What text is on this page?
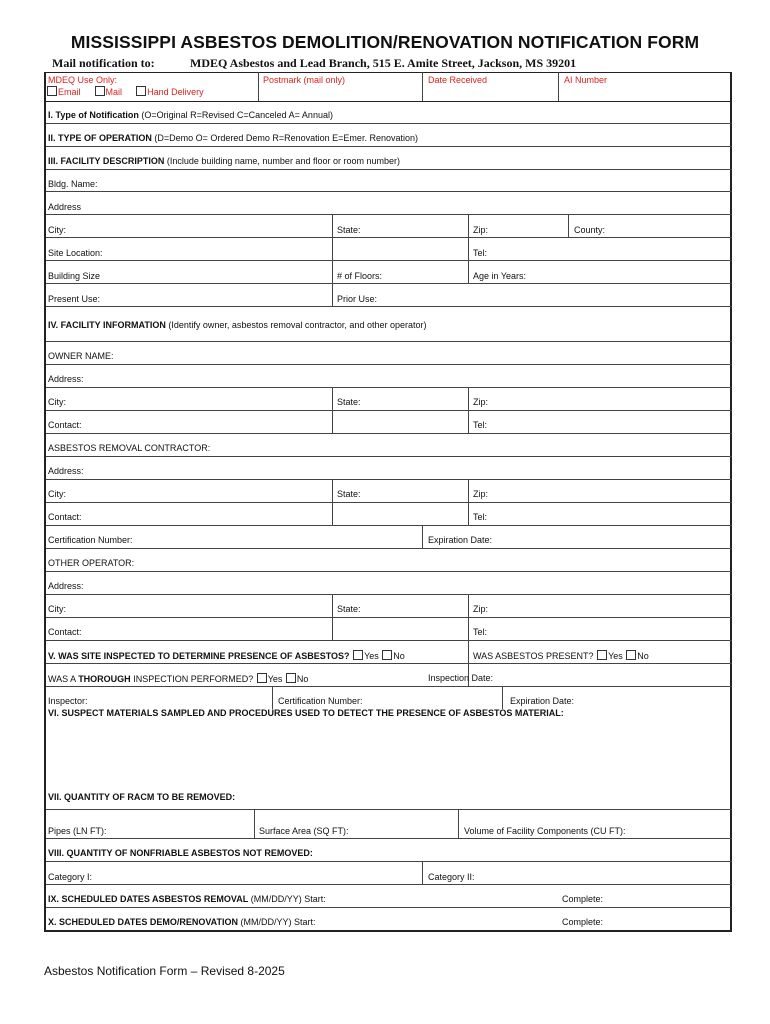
MISSISSIPPI ASBESTOS DEMOLITION/RENOVATION NOTIFICATION FORM
Mail notification to:	MDEQ Asbestos and Lead Branch, 515 E. Amite Street, Jackson, MS 39201
MDEQ Use Only:
Email	Mail	Hand Delivery
Postmark (mail only)	Date Received	AI Number
I. Type of Notification (O=Original R=Revised C=Canceled A= Annual)
II. TYPE OF OPERATION (D=Demo O= Ordered Demo R=Renovation E=Emer. Renovation)
III. FACILITY DESCRIPTION (Include building name, number and floor or room number)
Bldg. Name:
Address
City:	State:	Zip:	County:
Site Location:	Tel:
Building Size	# of Floors:	Age in Years:
Present Use:	Prior Use:
IV. FACILITY INFORMATION (Identify owner, asbestos removal contractor, and other operator)
OWNER NAME:
Address:
City:	State:	Zip:
Contact:	Tel:
ASBESTOS REMOVAL CONTRACTOR:
Address:
City:	State:	Zip:
Contact:	Tel:
Certification Number:	Expiration Date:
OTHER OPERATOR:
Address:
City:	State:	Zip:
Contact:	Tel:
V. WAS SITE INSPECTED TO DETERMINE PRESENCE OF ASBESTOS? Yes No	WAS ASBESTOS PRESENT? Yes No
WAS A THOROUGH INSPECTION PERFORMED? Yes No	Inspection Date:
Inspector:	Certification Number:	Expiration Date:
VI. SUSPECT MATERIALS SAMPLED AND PROCEDURES USED TO DETECT THE PRESENCE OF ASBESTOS MATERIAL:
VII. QUANTITY OF RACM TO BE REMOVED:
Pipes (LN FT):	Surface Area (SQ FT):	Volume of Facility Components (CU FT):
VIII. QUANTITY OF NONFRIABLE ASBESTOS NOT REMOVED:
Category I:	Category II:
IX. SCHEDULED DATES ASBESTOS REMOVAL (MM/DD/YY) Start:	Complete:
X. SCHEDULED DATES DEMO/RENOVATION (MM/DD/YY) Start:	Complete:
Asbestos Notification Form – Revised 8-2025
